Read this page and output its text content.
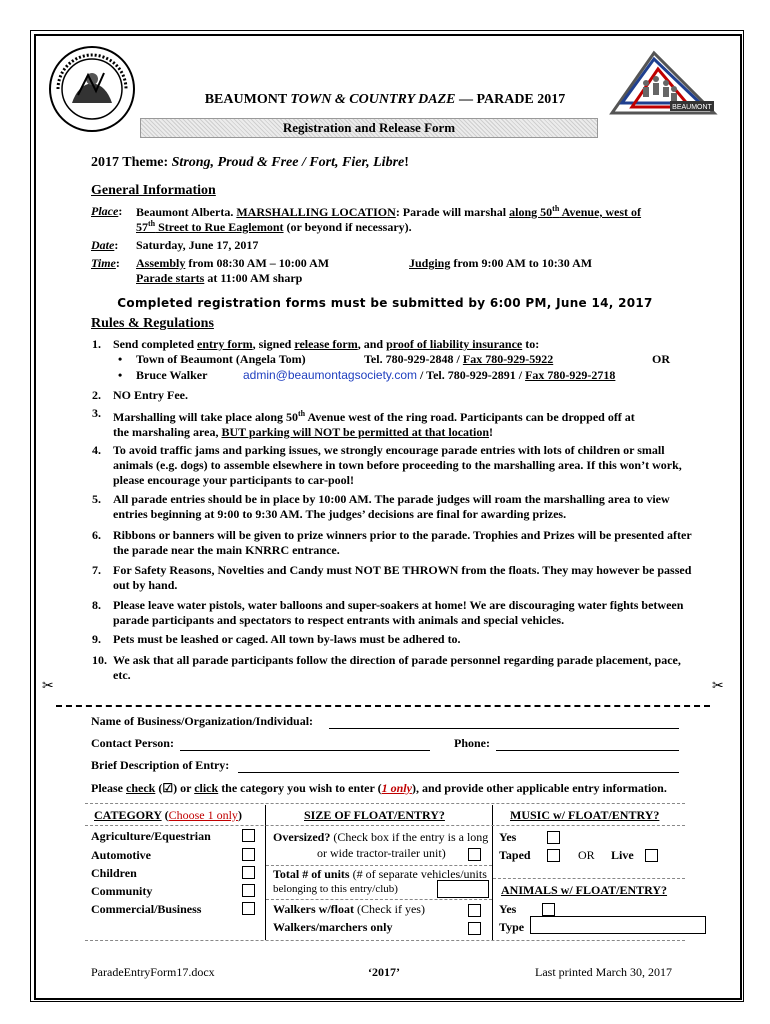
BEAUMONT
BEAUMONT TOWN & COUNTRY DAZE — PARADE 2017
Registration and Release Form
2017 Theme: Strong, Proud & Free / Fort, Fier, Libre!
General Information
Place: Beaumont Alberta. MARSHALLING LOCATION: Parade will marshal along 50th Avenue, west of
57th Street to Rue Eaglemont (or beyond if necessary).
Date: Saturday, June 17, 2017
Time: Assembly from 08:30 AM – 10:00 AM	Judging from 9:00 AM to 10:30 AM
Parade starts at 11:00 AM sharp
Completed registration forms must be submitted by 6:00 PM, June 14, 2017
Rules & Regulations
1. Send completed entry form, signed release form, and proof of liability insurance to:
• Town of Beaumont (Angela Tom)	Tel. 780-929-2848 / Fax 780-929-5922	OR
• Bruce Walker	admin@beaumontagsociety.com / Tel. 780-929-2891 / Fax 780-929-2718
2. NO Entry Fee.
3. Marshalling will take place along 50th Avenue west of the ring road. Participants can be dropped off at
the marshaling area, BUT parking will NOT be permitted at that location!
4. To avoid traffic jams and parking issues, we strongly encourage parade entries with lots of children or small animals (e.g. dogs) to assemble elsewhere in town before proceeding to the marshalling area. If this won’t work, please encourage your participants to car-pool!
5. All parade entries should be in place by 10:00 AM. The parade judges will roam the marshalling area to view entries beginning at 9:00 to 9:30 AM. The judges’ decisions are final for awarding prizes.
6. Ribbons or banners will be given to prize winners prior to the parade. Trophies and Prizes will be presented after the parade near the main KNRRC entrance.
7. For Safety Reasons, Novelties and Candy must NOT BE THROWN from the floats. They may however be passed out by hand.
8. Please leave water pistols, water balloons and super-soakers at home! We are discouraging water fights between parade participants and spectators to respect entrants with animals and special vehicles.
9. Pets must be leashed or caged. All town by-laws must be adhered to.
10. We ask that all parade participants follow the direction of parade personnel regarding parade placement, pace, etc.
✂	✂
Name of Business/Organization/Individual:
Contact Person:	Phone:
Brief Description of Entry:
Please check (☑) or click the category you wish to enter (1 only), and provide other applicable entry information.
CATEGORY (Choose 1 only)
Agriculture/Equestrian
Automotive
Children
Community
Commercial/Business
SIZE OF FLOAT/ENTRY?
Oversized? (Check box if the entry is a long
or wide tractor-trailer unit)
Total # of units (# of separate vehicles/units
belonging to this entry/club)
Walkers w/float (Check if yes)
Walkers/marchers only
MUSIC w/ FLOAT/ENTRY?
Yes
Taped	OR Live
ANIMALS w/ FLOAT/ENTRY?
Yes
Type
ParadeEntryForm17.docx	‘2017’	Last printed March 30, 2017
